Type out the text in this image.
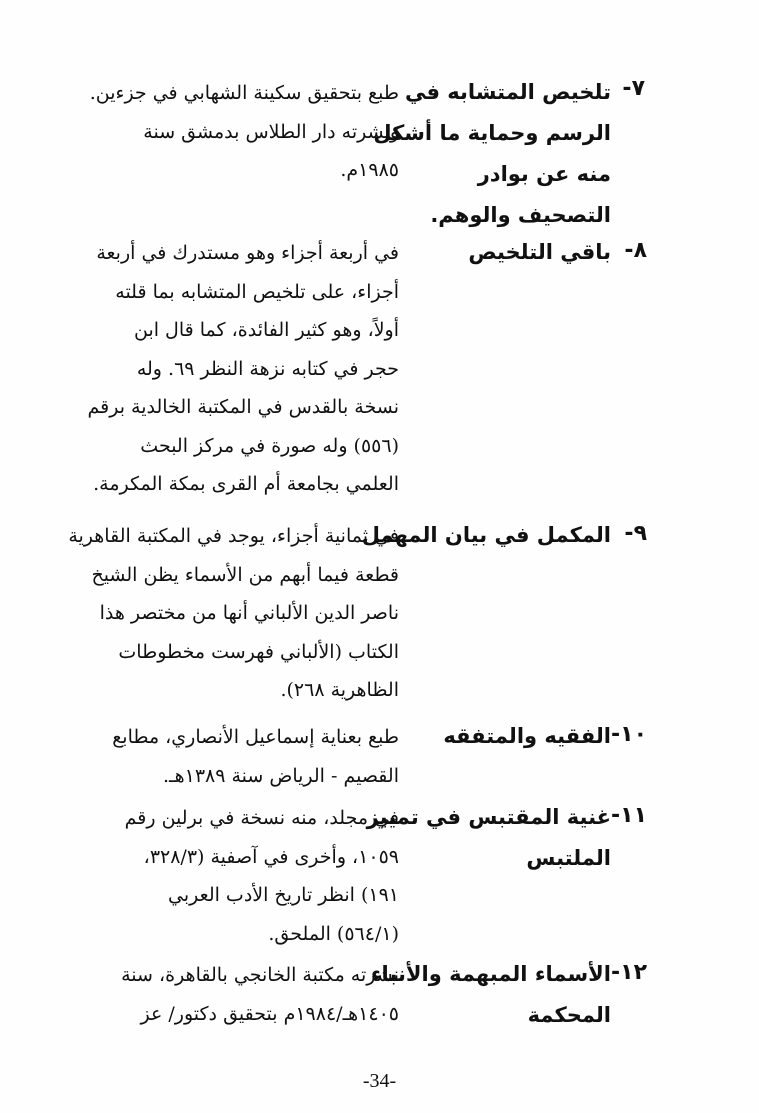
٧-
تلخيص المتشابه في
الرسم وحماية ما أشكل
منه عن بوادر
التصحيف والوهم.
طبع بتحقيق سكينة الشهابي في جزءين.
ونشرته دار الطلاس بدمشق سنة
١٩٨٥م.
٨-
باقي التلخيص
في أربعة أجزاء وهو مستدرك في أربعة
أجزاء، على تلخيص المتشابه بما قلته
أولاً، وهو كثير الفائدة، كما قال ابن
حجر في كتابه نزهة النظر ٦٩. وله
نسخة بالقدس في المكتبة الخالدية برقم
(٥٥٦) وله صورة في مركز البحث
العلمي بجامعة أم القرى بمكة المكرمة.
٩-
المكمل في بيان المهمل
في ثمانية أجزاء، يوجد في المكتبة القاهرية
قطعة فيما أبهم من الأسماء يظن الشيخ
ناصر الدين الألباني أنها من مختصر هذا
الكتاب (الألباني فهرست مخطوطات
الظاهرية ٢٦٨).
١٠-
الفقيه والمتفقه
طبع بعناية إسماعيل الأنصاري، مطابع
القصيم - الرياض سنة ١٣٨٩هـ.
١١-
غنية المقتبس في تمييز
الملتبس
في مجلد، منه نسخة في برلين رقم
١٠٥٩، وأخرى في آصفية (٣٢٨/٣،
١٩١) انظر تاريخ الأدب العربي
(٥٦٤/١) الملحق.
١٢-
الأسماء المبهمة والأنباء
المحكمة
نشرته مكتبة الخانجي بالقاهرة، سنة
١٤٠٥هـ/١٩٨٤م بتحقيق دكتور/ عز
-34-
